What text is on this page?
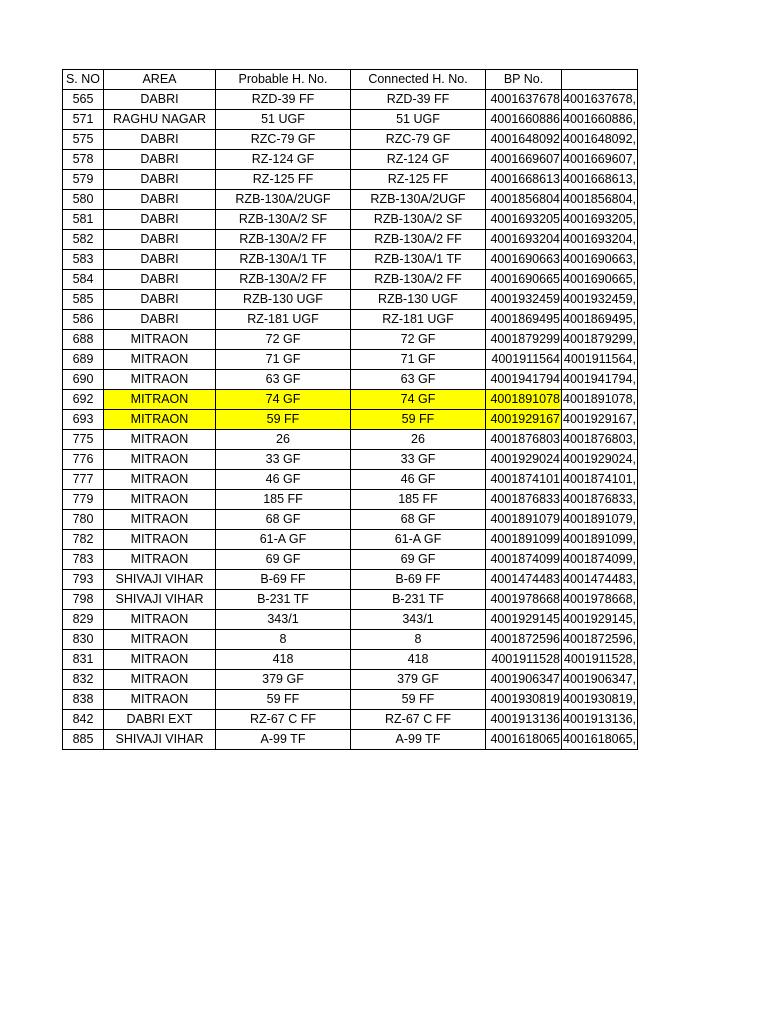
S. NO	AREA	Probable H. No.	Connected H. No.	BP No.	
565	DABRI	RZD-39 FF	RZD-39 FF	4001637678	4001637678,
571	RAGHU NAGAR	51 UGF	51 UGF	4001660886	4001660886,
575	DABRI	RZC-79 GF	RZC-79 GF	4001648092	4001648092,
578	DABRI	RZ-124 GF	RZ-124 GF	4001669607	4001669607,
579	DABRI	RZ-125 FF	RZ-125 FF	4001668613	4001668613,
580	DABRI	RZB-130A/2UGF	RZB-130A/2UGF	4001856804	4001856804,
581	DABRI	RZB-130A/2 SF	RZB-130A/2 SF	4001693205	4001693205,
582	DABRI	RZB-130A/2 FF	RZB-130A/2 FF	4001693204	4001693204,
583	DABRI	RZB-130A/1 TF	RZB-130A/1 TF	4001690663	4001690663,
584	DABRI	RZB-130A/2 FF	RZB-130A/2 FF	4001690665	4001690665,
585	DABRI	RZB-130 UGF	RZB-130 UGF	4001932459	4001932459,
586	DABRI	RZ-181 UGF	RZ-181 UGF	4001869495	4001869495,
688	MITRAON	72 GF	72 GF	4001879299	4001879299,
689	MITRAON	71 GF	71 GF	4001911564	4001911564,
690	MITRAON	63 GF	63 GF	4001941794	4001941794,
692	MITRAON	74 GF	74 GF	4001891078	4001891078,
693	MITRAON	59 FF	59 FF	4001929167	4001929167,
775	MITRAON	26	26	4001876803	4001876803,
776	MITRAON	33 GF	33 GF	4001929024	4001929024,
777	MITRAON	46 GF	46 GF	4001874101	4001874101,
779	MITRAON	185 FF	185 FF	4001876833	4001876833,
780	MITRAON	68 GF	68 GF	4001891079	4001891079,
782	MITRAON	61-A GF	61-A GF	4001891099	4001891099,
783	MITRAON	69 GF	69 GF	4001874099	4001874099,
793	SHIVAJI VIHAR	B-69 FF	B-69 FF	4001474483	4001474483,
798	SHIVAJI VIHAR	B-231 TF	B-231 TF	4001978668	4001978668,
829	MITRAON	343/1	343/1	4001929145	4001929145,
830	MITRAON	8	8	4001872596	4001872596,
831	MITRAON	418	418	4001911528	4001911528,
832	MITRAON	379 GF	379 GF	4001906347	4001906347,
838	MITRAON	59 FF	59 FF	4001930819	4001930819,
842	DABRI EXT	RZ-67 C FF	RZ-67 C FF	4001913136	4001913136,
885	SHIVAJI VIHAR	A-99 TF	A-99 TF	4001618065	4001618065,
